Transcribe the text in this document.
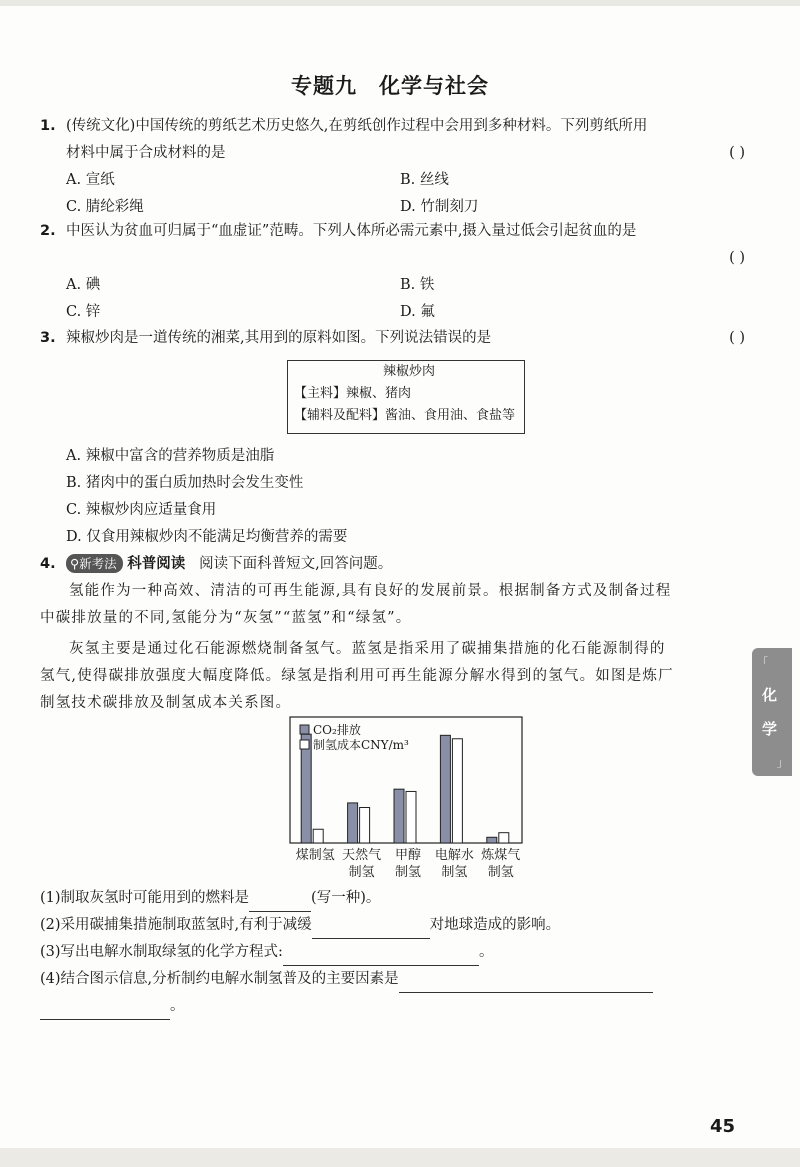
专题九 化学与社会
1. (传统文化)中国传统的剪纸艺术历史悠久,在剪纸创作过程中会用到多种材料。下列剪纸所用
材料中属于合成材料的是	( )
A. 宣纸	B. 丝线
C. 腈纶彩绳	D. 竹制刻刀
2. 中医认为贫血可归属于“血虚证”范畴。下列人体所必需元素中,摄入量过低会引起贫血的是
( )
A. 碘	B. 铁
C. 锌	D. 氟
3. 辣椒炒肉是一道传统的湘菜,其用到的原料如图。下列说法错误的是	( )
辣椒炒肉
【主料】辣椒、猪肉
【辅料及配料】酱油、食用油、食盐等
A. 辣椒中富含的营养物质是油脂
B. 猪肉中的蛋白质加热时会发生变性
C. 辣椒炒肉应适量食用
D. 仅食用辣椒炒肉不能满足均衡营养的需要
4. ⚲新考法 科普阅读 阅读下面科普短文,回答问题。
氢能作为一种高效、清洁的可再生能源,具有良好的发展前景。根据制备方式及制备过程
中碳排放量的不同,氢能分为“灰氢”“蓝氢”和“绿氢”。
灰氢主要是通过化石能源燃烧制备氢气。蓝氢是指采用了碳捕集措施的化石能源制得的
氢气,使得碳排放强度大幅度降低。绿氢是指利用可再生能源分解水得到的氢气。如图是炼厂
制氢技术碳排放及制氢成本关系图。
煤制氢 天然气
制氢
甲醇
制氢
电解水
制氢
炼煤气
制氢
CO₂排放
制氢成本CNY/m³
(1)制取灰氢时可能用到的燃料是	(写一种)。
(2)采用碳捕集措施制取蓝氢时,有利于减缓	对地球造成的影响。
(3)写出电解水制取绿氢的化学方程式:	。
(4)结合图示信息,分析制约电解水制氢普及的主要因素是
。
「
化
学
」
45
